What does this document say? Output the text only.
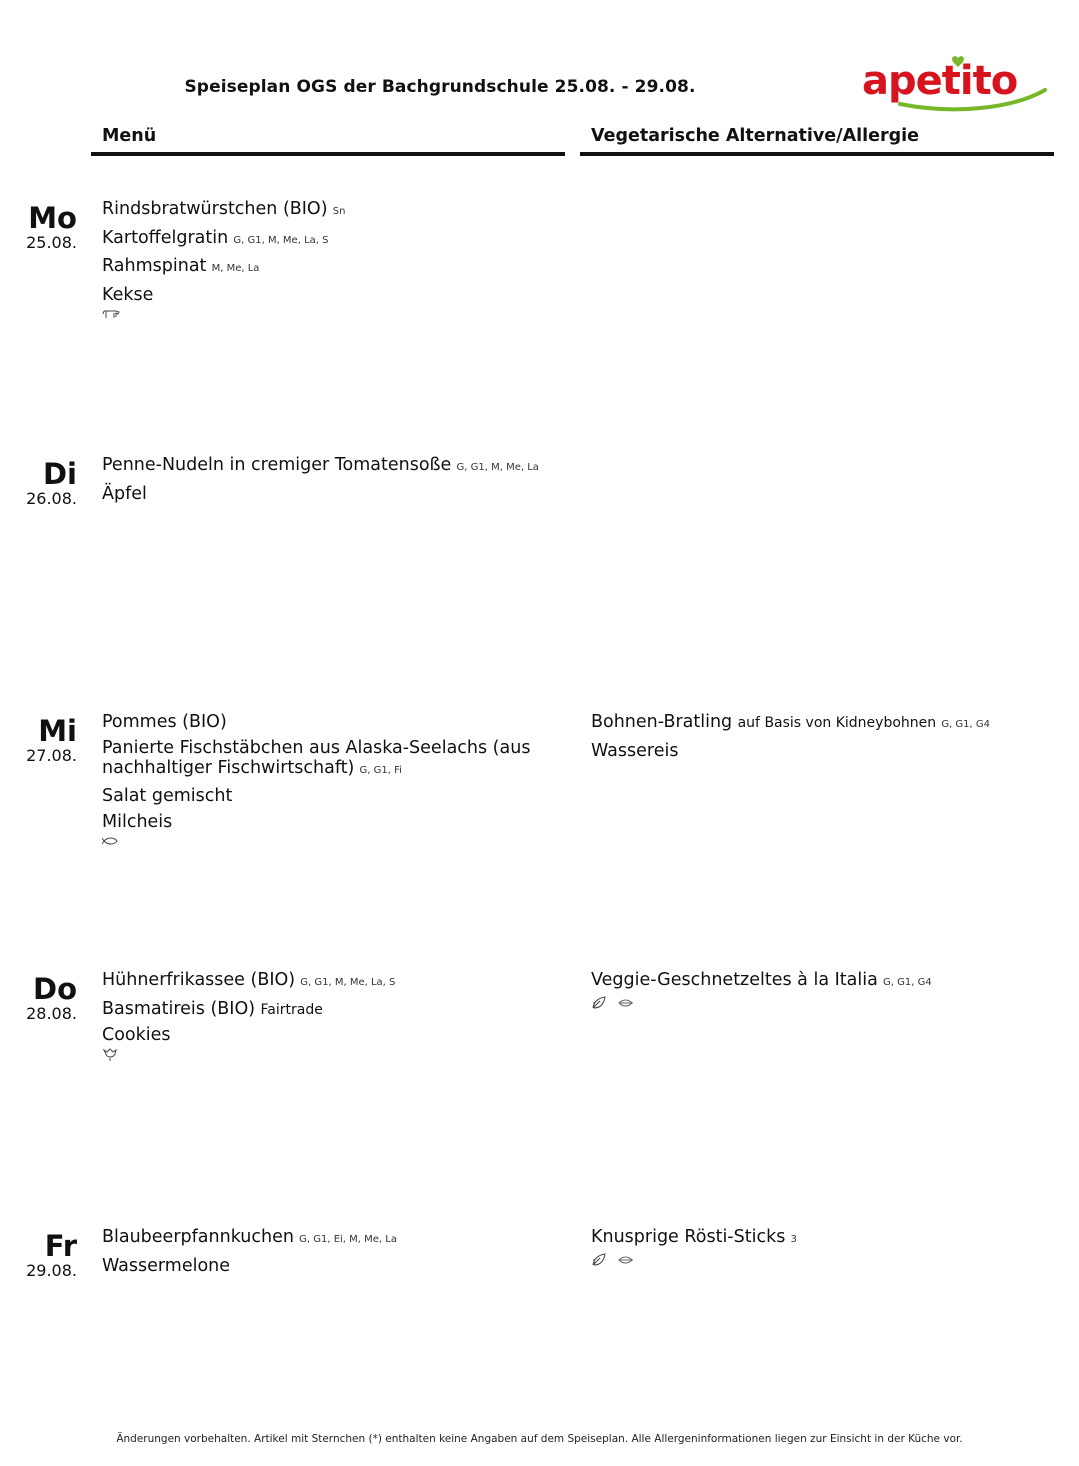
Speiseplan OGS der Bachgrundschule 25.08. - 29.08.	apetito
Menü	Vegetarische Alternative/Allergie
Mo
25.08.
Rindsbratwürstchen (BIO) Sn
Kartoffelgratin G, G1, M, Me, La, S
Rahmspinat M, Me, La
Kekse
Di
26.08.
Penne-Nudeln in cremiger Tomatensoße G, G1, M, Me, La
Äpfel
Mi
27.08.
Pommes (BIO)
Panierte Fischstäbchen aus Alaska-Seelachs (aus nachhaltiger Fischwirtschaft) G, G1, Fi
Salat gemischt
Milcheis
Bohnen-Bratling auf Basis von Kidneybohnen G, G1, G4
Wassereis
Do
28.08.
Hühnerfrikassee (BIO) G, G1, M, Me, La, S
Basmatireis (BIO) Fairtrade
Cookies
Veggie-Geschnetzeltes à la Italia G, G1, G4
Fr
29.08.
Blaubeerpfannkuchen G, G1, Ei, M, Me, La
Wassermelone
Knusprige Rösti-Sticks 3
Änderungen vorbehalten. Artikel mit Sternchen (*) enthalten keine Angaben auf dem Speiseplan. Alle Allergeninformationen liegen zur Einsicht in der Küche vor.
